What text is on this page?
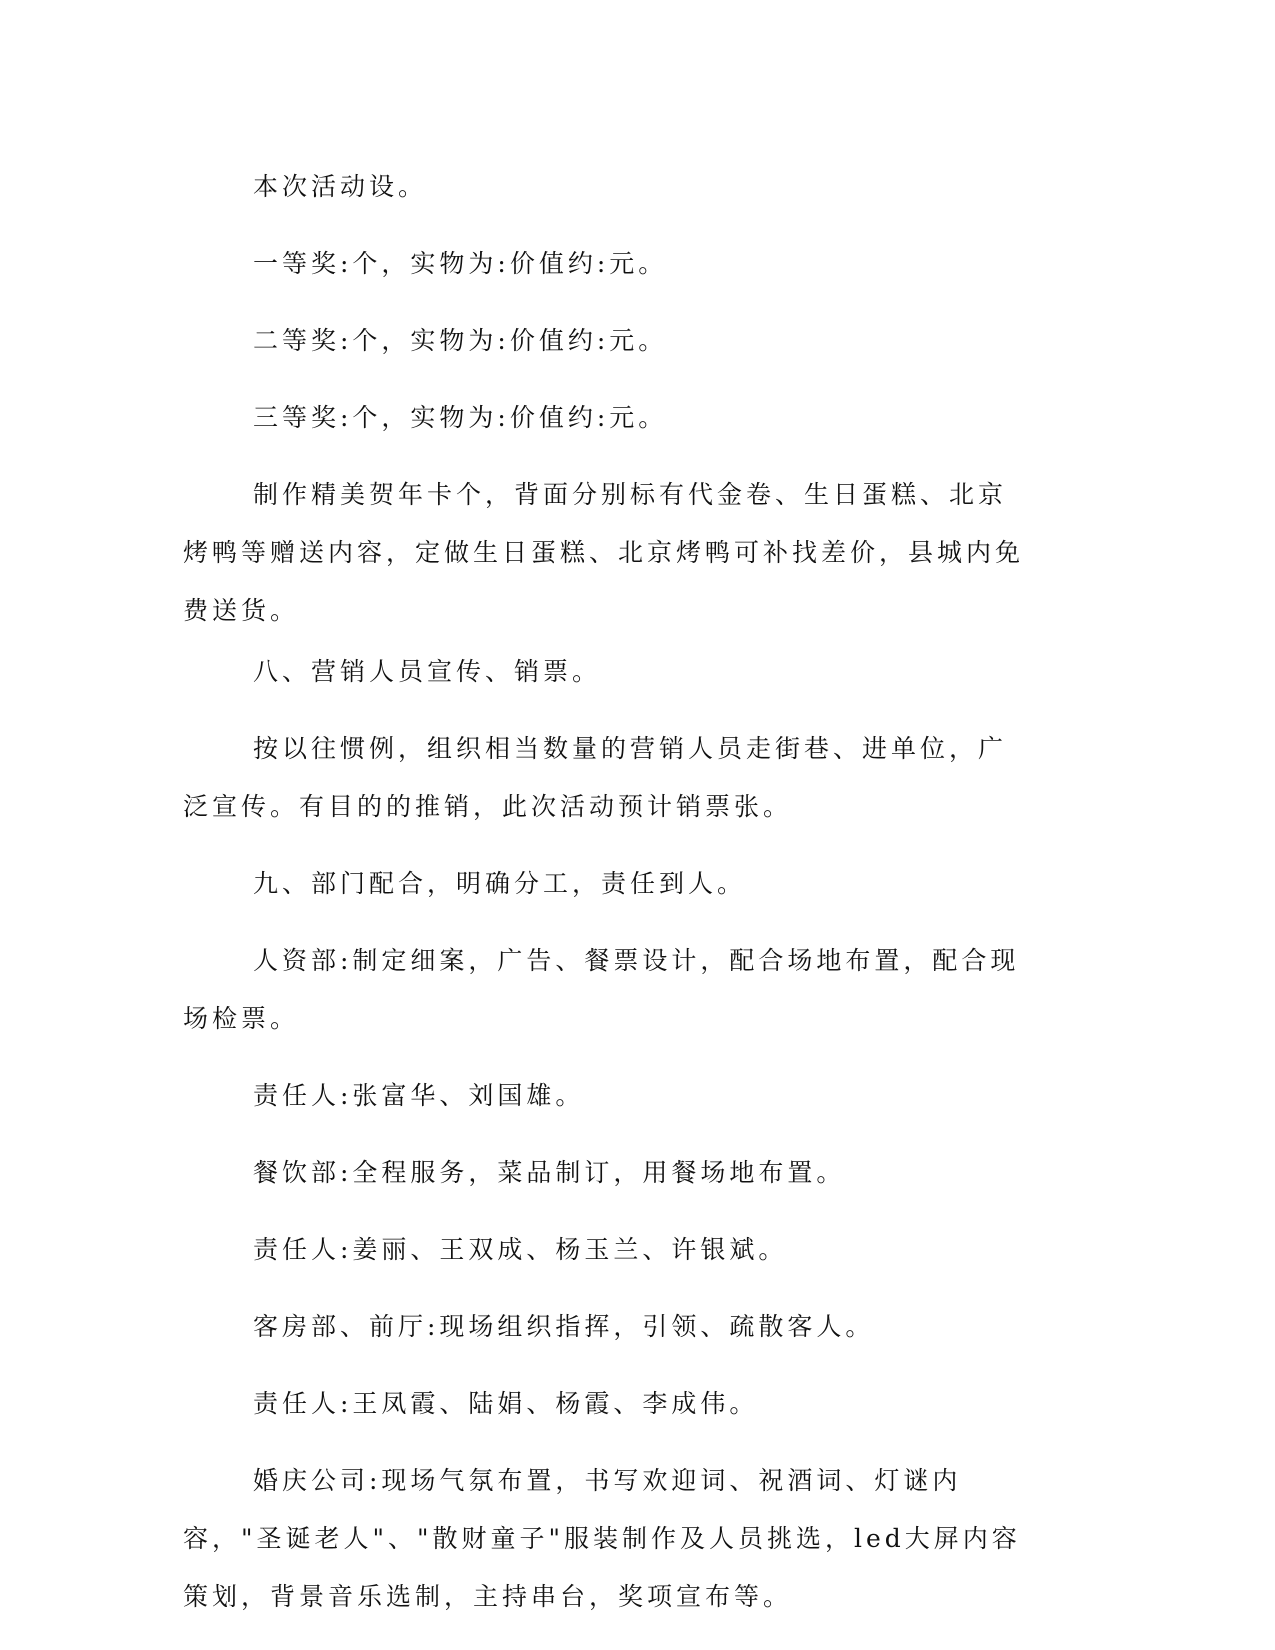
本次活动设。

一等奖:个，实物为:价值约:元。

二等奖:个，实物为:价值约:元。

三等奖:个，实物为:价值约:元。

制作精美贺年卡个，背面分别标有代金卷、生日蛋糕、北京烤鸭等赠送内容，定做生日蛋糕、北京烤鸭可补找差价，县城内免费送货。

八、营销人员宣传、销票。

按以往惯例，组织相当数量的营销人员走街巷、进单位，广泛宣传。有目的的推销，此次活动预计销票张。

九、部门配合，明确分工，责任到人。

人资部:制定细案，广告、餐票设计，配合场地布置，配合现场检票。

责任人:张富华、刘国雄。

餐饮部:全程服务，菜品制订，用餐场地布置。

责任人:姜丽、王双成、杨玉兰、许银斌。

客房部、前厅:现场组织指挥，引领、疏散客人。

责任人:王凤霞、陆娟、杨霞、李成伟。

婚庆公司:现场气氛布置，书写欢迎词、祝酒词、灯谜内容，"圣诞老人"、"散财童子"服装制作及人员挑选，led大屏内容策划，背景音乐选制，主持串台，奖项宣布等。
